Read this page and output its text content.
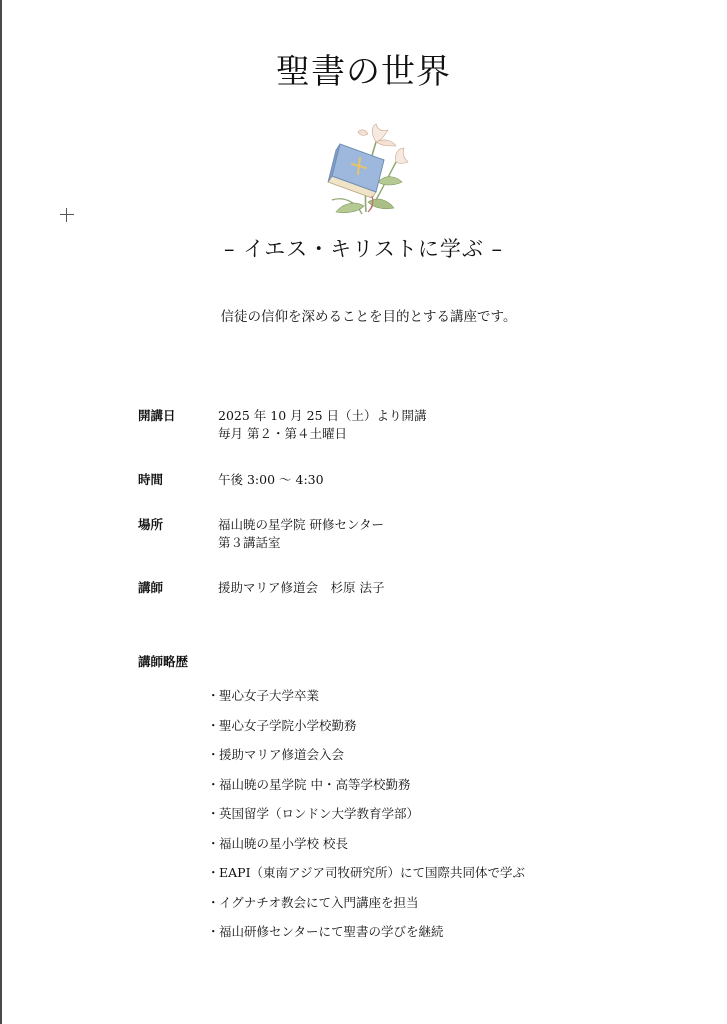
聖書の世界
– イエス・キリストに学ぶ –
信徒の信仰を深めることを目的とする講座です。
開講日	2025 年 10 月 25 日（土）より開講
毎月 第２・第４土曜日
時間	午後 3:00 ～ 4:30
場所	福山暁の星学院 研修センター
第３講話室
講師	援助マリア修道会　杉原 法子
講師略歴
・聖心女子大学卒業
・聖心女子学院小学校勤務
・援助マリア修道会入会
・福山暁の星学院 中・高等学校勤務
・英国留学（ロンドン大学教育学部）
・福山暁の星小学校 校長
・EAPI（東南アジア司牧研究所）にて国際共同体で学ぶ
・イグナチオ教会にて入門講座を担当
・福山研修センターにて聖書の学びを継続
